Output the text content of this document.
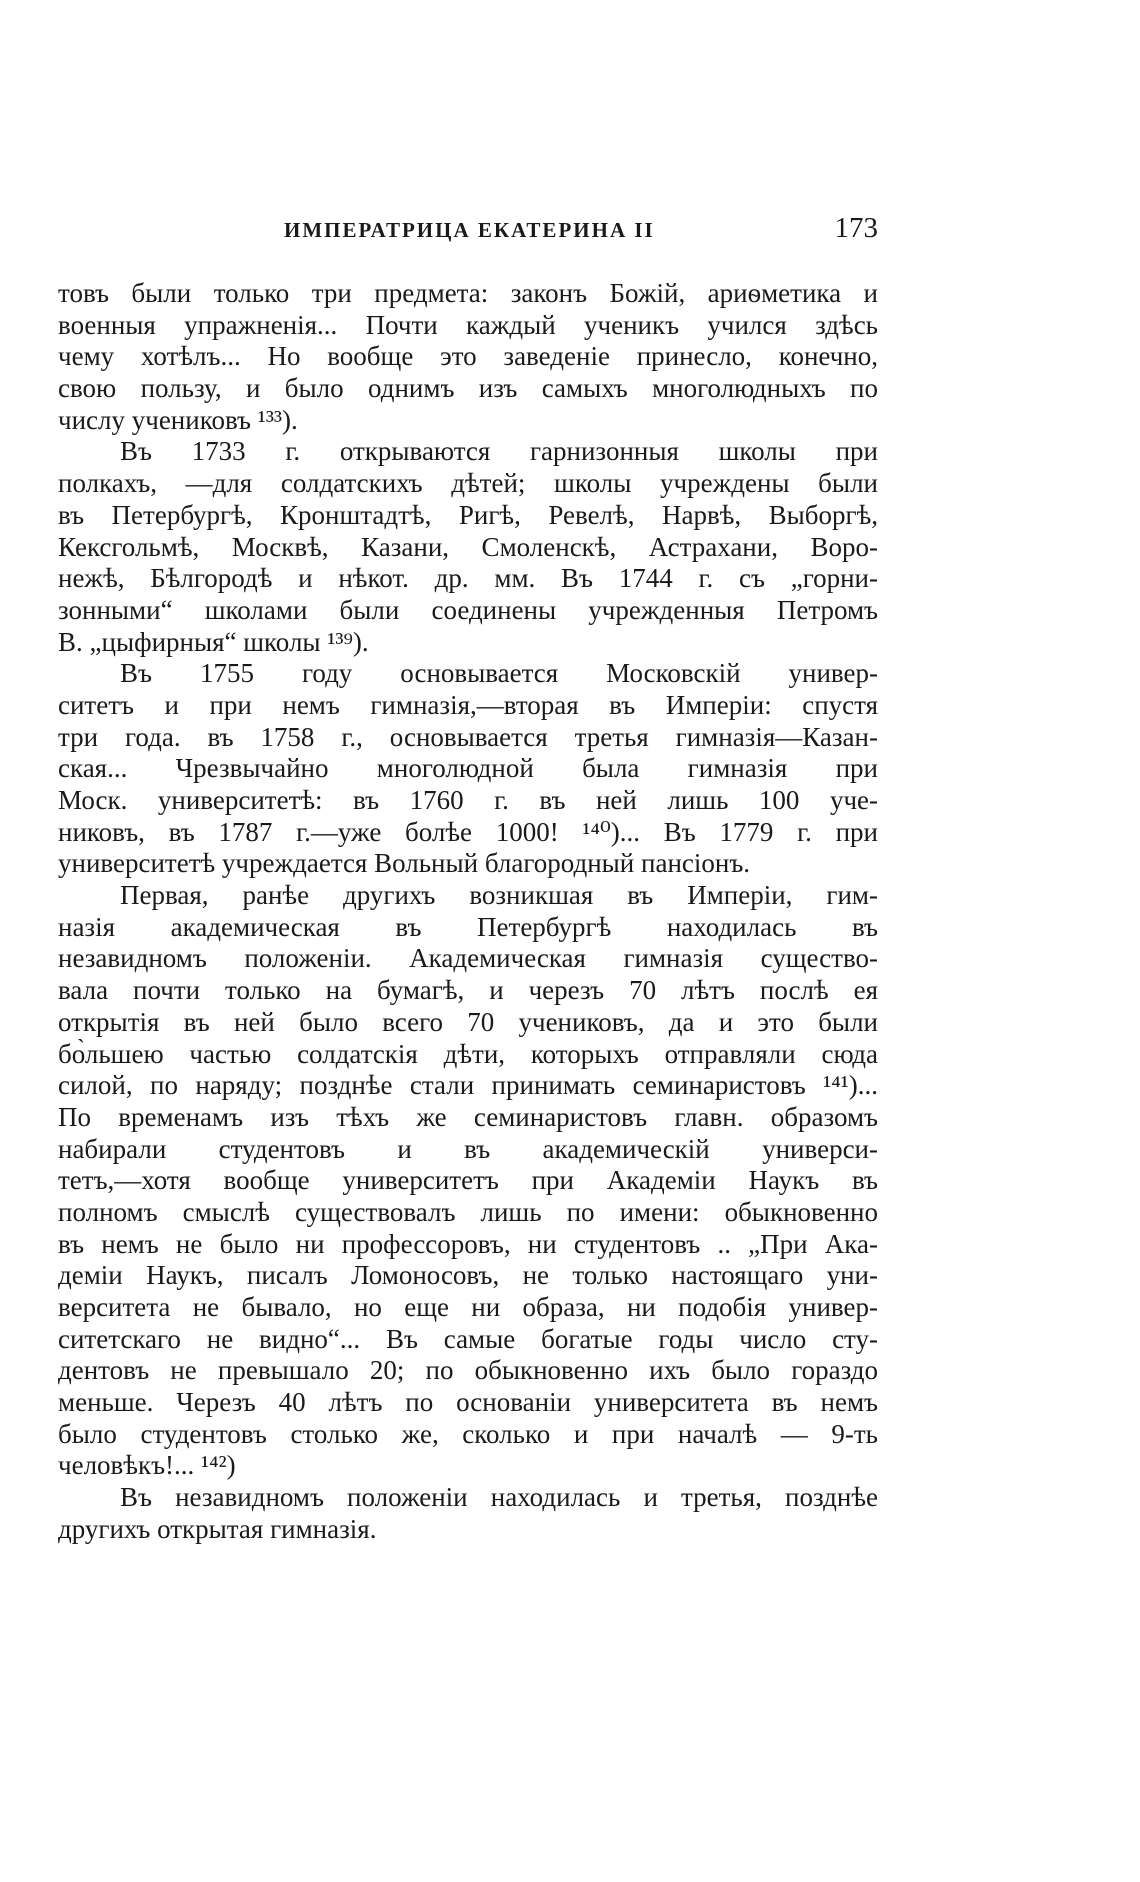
ИМПЕРАТРИЦА ЕКАТЕРИНА II	173
товъ были только три предмета: законъ Божій, ариѳметика и
военныя упражненія... Почти каждый ученикъ учился здѣсь
чему хотѣлъ... Но вообще это заведеніе принесло, конечно,
свою пользу, и было однимъ изъ самыхъ многолюдныхъ по
числу учениковъ ¹³³).
Въ 1733 г. открываются гарнизонныя школы при
полкахъ, —для солдатскихъ дѣтей; школы учреждены были
въ Петербургѣ, Кронштадтѣ, Ригѣ, Ревелѣ, Нарвѣ, Выборгѣ,
Кексгольмѣ, Москвѣ, Казани, Смоленскѣ, Астрахани, Воро-
нежѣ, Бѣлгородѣ и нѣкот. др. мм. Въ 1744 г. съ „горни-
зонными“ школами были соединены учрежденныя Петромъ
В. „цыфирныя“ школы ¹³⁹).
Въ 1755 году основывается Московскій универ-
ситетъ и при немъ гимназія,—вторая въ Имперіи: спустя
три года. въ 1758 г., основывается третья гимназія—Казан-
ская... Чрезвычайно многолюдной была гимназія при
Моск. университетѣ: въ 1760 г. въ ней лишь 100 уче-
никовъ, въ 1787 г.—уже болѣе 1000! ¹⁴⁰)... Въ 1779 г. при
университетѣ учреждается Вольный благородный пансіонъ.
Первая, ранѣе другихъ возникшая въ Имперіи, гим-
назія академическая въ Петербургѣ находилась въ
незавидномъ положеніи. Академическая гимназія существо-
вала почти только на бумагѣ, и черезъ 70 лѣтъ послѣ ея
открытія въ ней было всего 70 учениковъ, да и это были
бо̀льшею частью солдатскія дѣти, которыхъ отправляли сюда
силой, по наряду; позднѣе стали принимать семинаристовъ ¹⁴¹)...
По временамъ изъ тѣхъ же семинаристовъ главн. образомъ
набирали студентовъ и въ академическій универси-
тетъ,—хотя вообще университетъ при Академіи Наукъ въ
полномъ смыслѣ существовалъ лишь по имени: обыкновенно
въ немъ не было ни профессоровъ, ни студентовъ .. „При Ака-
деміи Наукъ, писалъ Ломоносовъ, не только настоящаго уни-
верситета не бывало, но еще ни образа, ни подобія универ-
ситетскаго не видно“... Въ самые богатые годы число сту-
дентовъ не превышало 20; по обыкновенно ихъ было гораздо
меньше. Черезъ 40 лѣтъ по основаніи университета въ немъ
было студентовъ столько же, сколько и при началѣ — 9-ть
человѣкъ!... ¹⁴²)
Въ незавидномъ положеніи находилась и третья, позднѣе
другихъ открытая гимназія.
